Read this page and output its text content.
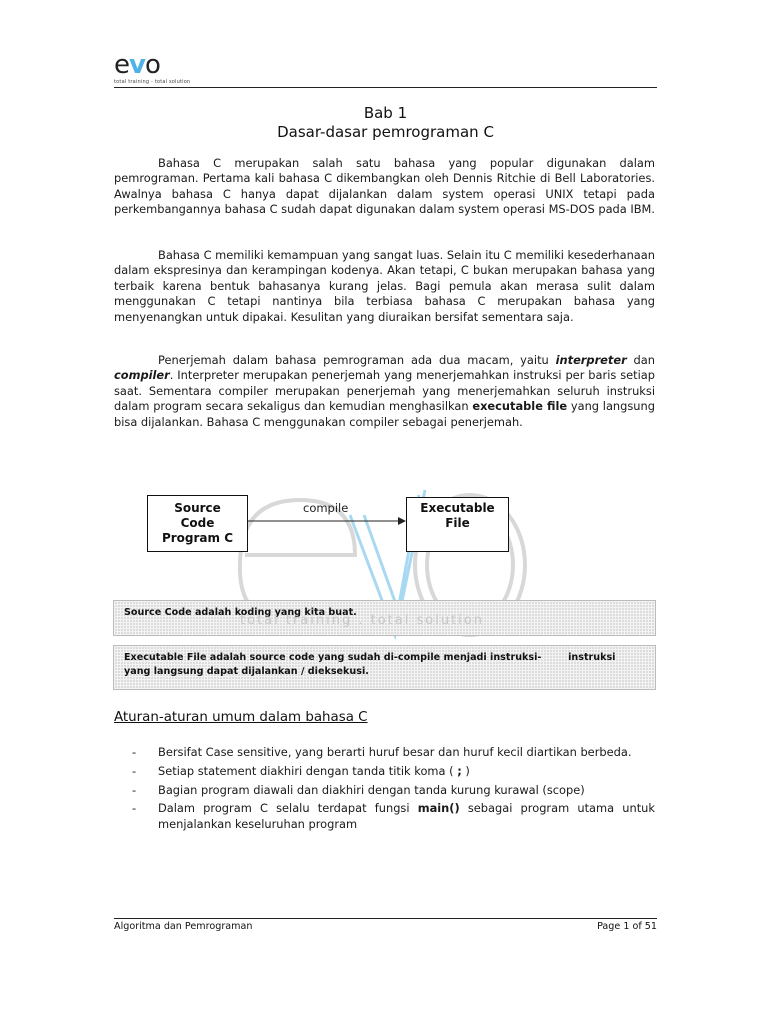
evo
total training - total solution
Bab 1
Dasar-dasar pemrograman C
Bahasa C merupakan salah satu bahasa yang popular digunakan dalam pemrograman. Pertama kali bahasa C dikembangkan oleh Dennis Ritchie di Bell Laboratories. Awalnya bahasa C hanya dapat dijalankan dalam system operasi UNIX tetapi pada perkembangannya bahasa C sudah dapat digunakan dalam system operasi MS-DOS pada IBM.
Bahasa C memiliki kemampuan yang sangat luas. Selain itu C memiliki kesederhanaan dalam ekspresinya dan kerampingan kodenya. Akan tetapi, C bukan merupakan bahasa yang terbaik karena bentuk bahasanya kurang jelas. Bagi pemula akan merasa sulit dalam menggunakan C tetapi nantinya bila terbiasa bahasa C merupakan bahasa yang menyenangkan untuk dipakai. Kesulitan yang diuraikan bersifat sementara saja.
Penerjemah dalam bahasa pemrograman ada dua macam, yaitu interpreter dan compiler. Interpreter merupakan penerjemah yang menerjemahkan instruksi per baris setiap saat. Sementara compiler merupakan penerjemah yang menerjemahkan seluruh instruksi dalam program secara sekaligus dan kemudian menghasilkan executable file yang langsung bisa dijalankan. Bahasa C menggunakan compiler sebagai penerjemah.
Source
Code
Program C
compile	Executable
File
Source Code adalah koding yang kita buat.
total training . total solution
Executable File adalah source code yang sudah di-compile menjadi instruksi-        instruksi yang langsung dapat dijalankan / dieksekusi.
Aturan-aturan umum dalam bahasa C
- Bersifat Case sensitive, yang berarti huruf besar dan huruf kecil diartikan berbeda.
- Setiap statement diakhiri dengan tanda titik koma ( ; )
- Bagian program diawali dan diakhiri dengan tanda kurung kurawal (scope)
- Dalam program C selalu terdapat fungsi main() sebagai program utama untuk menjalankan keseluruhan program
Algoritma dan Pemrograman	Page 1 of 51
